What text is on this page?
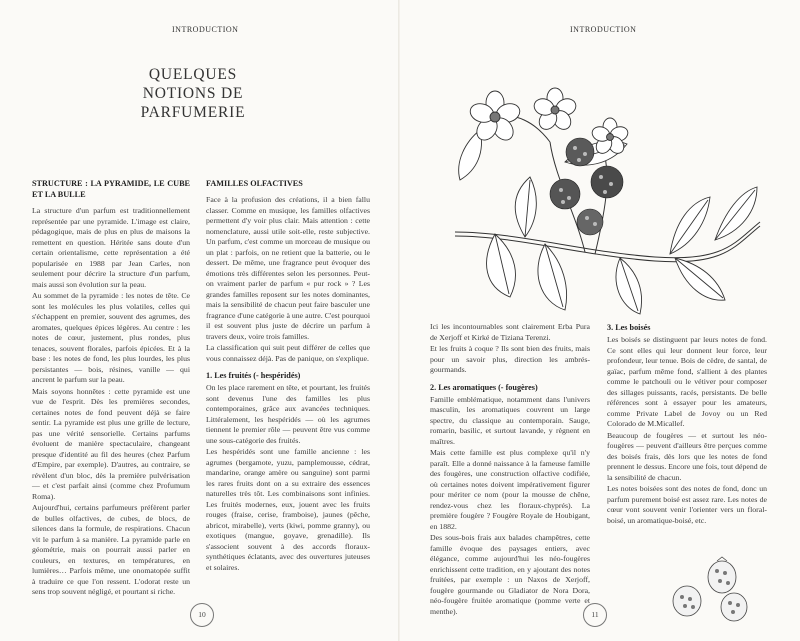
INTRODUCTION
QUELQUES NOTIONS DE PARFUMERIE
STRUCTURE : LA PYRAMIDE, LE CUBE ET LA BULLE

La structure d'un parfum est traditionnellement représentée par une pyramide. L'image est claire, pédagogique, mais de plus en plus de maisons la remettent en question. Héritée sans doute d'un certain orientalisme, cette représentation a été popularisée en 1988 par Jean Carles, non seulement pour décrire la structure d'un parfum, mais aussi son évolution sur la peau.

Au sommet de la pyramide : les notes de tête. Ce sont les molécules les plus volatiles, celles qui s'échappent en premier, souvent des agrumes, des aromates, quelques épices légères. Au centre : les notes de cœur, justement, plus rondes, plus tenaces, souvent florales, parfois épicées. Et à la base : les notes de fond, les plus lourdes, les plus persistantes — bois, résines, vanille — qui ancrent le parfum sur la peau.

Mais soyons honnêtes : cette pyramide est une vue de l'esprit. Dès les premières secondes, certaines notes de fond peuvent déjà se faire sentir. La pyramide est plus une grille de lecture, pas une vérité sensorielle. Certains parfums évoluent de manière spectaculaire, changeant presque d'identité au fil des heures (chez Parfum d'Empire, par exemple). D'autres, au contraire, se révèlent d'un bloc, dès la première pulvérisation — et c'est parfait ainsi (comme chez Profumum Roma).

Aujourd'hui, certains parfumeurs préfèrent parler de bulles olfactives, de cubes, de blocs, de silences dans la formule, de respirations. Chacun vit le parfum à sa manière. La pyramide parle en géométrie, mais on pourrait aussi parler en couleurs, en textures, en températures, en lumières… Parfois même, une onomatopée suffit à traduire ce que l'on ressent. L'odorat reste un sens trop souvent négligé, et pourtant si riche.

FAMILLES OLFACTIVES

Face à la profusion des créations, il a bien fallu classer. Comme en musique, les familles olfactives permettent d'y voir plus clair. Mais attention : cette nomenclature, aussi utile soit-elle, reste subjective. Un parfum, c'est comme un morceau de musique ou un plat : parfois, on ne retient que la batterie, ou le dessert. De même, une fragrance peut évoquer des émotions très différentes selon les personnes. Peut-on vraiment parler de parfum « pur rock » ? Les grandes familles reposent sur les notes dominantes, mais la sensibilité de chacun peut faire basculer une fragrance d'une catégorie à une autre. C'est pourquoi il est souvent plus juste de décrire un parfum à travers deux, voire trois familles.

La classification qui suit peut différer de celles que vous connaissez déjà. Pas de panique, on s'explique.

1. Les fruités (- hespéridés)

On les place rarement en tête, et pourtant, les fruités sont devenus l'une des familles les plus contemporaines, grâce aux avancées techniques. Littéralement, les hespéridés — où les agrumes tiennent le premier rôle — peuvent être vus comme une sous-catégorie des fruités.

Les hespéridés sont une famille ancienne : les agrumes (bergamote, yuzu, pamplemousse, cédrat, mandarine, orange amère ou sanguine) sont parmi les rares fruits dont on a su extraire des essences naturelles très tôt. Les combinaisons sont infinies. Les fruités modernes, eux, jouent avec les fruits rouges (fraise, cerise, framboise), jaunes (pêche, abricot, mirabelle), verts (kiwi, pomme granny), ou exotiques (mangue, goyave, grenadille). Ils s'associent souvent à des accords floraux-synthétiques éclatants, avec des ouvertures juteuses et solaires.

10
INTRODUCTION

Ici les incontournables sont clairement Erba Pura de Xerjoff et Kirké de Tiziana Terenzi.

Et les fruits à coque ? Ils sont bien des fruits, mais pour un savoir plus, direction les ambrés-gourmands.

2. Les aromatiques (- fougères)

Famille emblématique, notamment dans l'univers masculin, les aromatiques couvrent un large spectre, du classique au contemporain. Sauge, romarin, basilic, et surtout lavande, y règnent en maîtres.

Mais cette famille est plus complexe qu'il n'y paraît. Elle a donné naissance à la fameuse famille des fougères, une construction olfactive codifiée, où certaines notes doivent impérativement figurer pour mériter ce nom (pour la mousse de chêne, rendez-vous chez les floraux-chyprés). La première fougère ? Fougère Royale de Houbigant, en 1882.

Des sous-bois frais aux balades champêtres, cette famille évoque des paysages entiers, avec élégance, comme aujourd'hui les néo-fougères enrichissent cette tradition, en y ajoutant des notes fruitées, par exemple : un Naxos de Xerjoff, fougère gourmande ou Gladiator de Nora Dora, néo-fougère fruitée aromatique (pomme verte et menthe).

3. Les boisés

Les boisés se distinguent par leurs notes de fond. Ce sont elles qui leur donnent leur force, leur profondeur, leur tenue. Bois de cèdre, de santal, de gaïac, parfum même fond, s'allient à des plantes comme le patchouli ou le vétiver pour composer des sillages puissants, racés, persistants. De belle références sont à essayer pour les amateurs, comme Private Label de Jovoy ou un Red Colorado de M.Micallef.

Beaucoup de fougères — et surtout les néo-fougères — peuvent d'ailleurs être perçues comme des boisés frais, dès lors que les notes de fond prennent le dessus. Encore une fois, tout dépend de la sensibilité de chacun.

Les notes boisées sont des notes de fond, donc un parfum purement boisé est assez rare. Les notes de cœur vont souvent venir l'orienter vers un floral-boisé, un aromatique-boisé, etc.

11
